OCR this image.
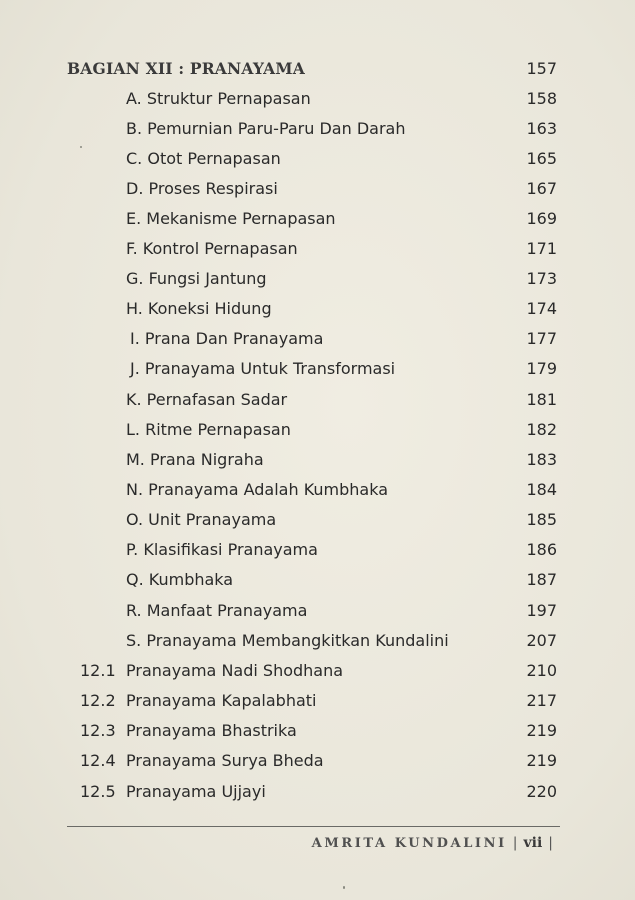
BAGIAN XII : PRANAYAMA	157
A. Struktur Pernapasan	158
B. Pemurnian Paru-Paru Dan Darah	163
C. Otot Pernapasan	165
D. Proses Respirasi	167
E. Mekanisme Pernapasan	169
F. Kontrol Pernapasan	171
G. Fungsi Jantung	173
H. Koneksi Hidung	174
I. Prana Dan Pranayama	177
J. Pranayama Untuk Transformasi	179
K. Pernafasan Sadar	181
L. Ritme Pernapasan	182
M. Prana Nigraha	183
N. Pranayama Adalah Kumbhaka	184
O. Unit Pranayama	185
P. Klasifikasi Pranayama	186
Q. Kumbhaka	187
R. Manfaat Pranayama	197
S. Pranayama Membangkitkan Kundalini	207
12.1 Pranayama Nadi Shodhana	210
12.2 Pranayama Kapalabhati	217
12.3 Pranayama Bhastrika	219
12.4 Pranayama Surya Bheda	219
12.5 Pranayama Ujjayi	220
AMRITA KUNDALINI | vii |
